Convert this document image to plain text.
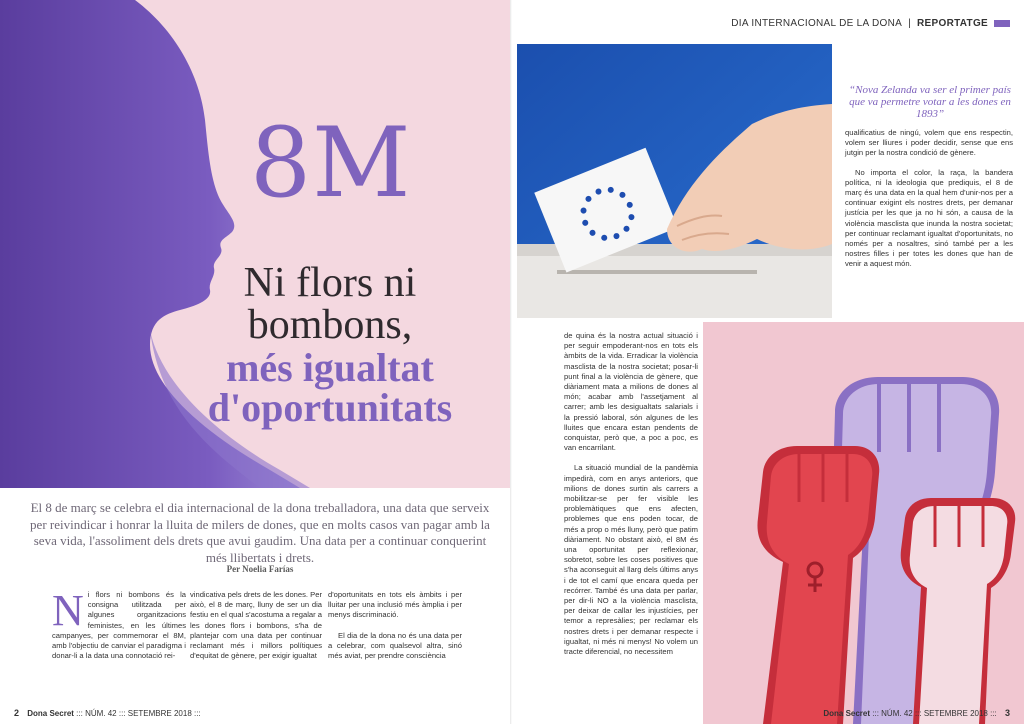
8M
Ni flors ni
bombons,
més igualtat
d'oportunitats
El 8 de març se celebra el dia internacional de la dona treballadora, una data que serveix per reivindicar i honrar la lluita de milers de dones, que en molts casos van pagar amb la seva vida, l'assoliment dels drets que avui gaudim. Una data per a continuar conquerint més llibertats i drets.
Per Noelia Farías
N i flors ni bombons és la consigna utilitzada per algunes organitzacions feministes, en les últimes campanyes, per commemorar el 8M, amb l'objectiu de canviar el paradigma i donar-li a la data una connotació rei-
vindicativa pels drets de les dones. Per això, el 8 de març, lluny de ser un dia festiu en el qual s'acostuma a regalar a les dones flors i bombons, s'ha de plantejar com una data per continuar reclamant més i millors polítiques d'equitat de gènere, per exigir igualtat
d'oportunitats en tots els àmbits i per lluitar per una inclusió més àmplia i per menys discriminació.
El dia de la dona no és una data per a celebrar, com qualsevol altra, sinó més aviat, per prendre consciència
2 Dona Secret ::: NÚM. 42 ::: SETEMBRE 2018 :::
DIA INTERNACIONAL DE LA DONA | REPORTATGE
“Nova Zelanda va ser el primer país que va permetre votar a les dones en 1893”
qualificatius de ningú, volem que ens respectin, volem ser lliures i poder decidir, sense que ens jutgin per la nostra condició de gènere.
No importa el color, la raça, la bandera política, ni la ideologia que prediquis, el 8 de març és una data en la qual hem d'unir-nos per a continuar exigint els nostres drets, per demanar justícia per les que ja no hi són, a causa de la violència masclista que inunda la nostra societat; per continuar reclamant igualtat d'oportunitats, no només per a nosaltres, sinó també per a les nostres filles i per totes les dones que han de venir a aquest món.
de quina és la nostra actual situació i per seguir empoderant-nos en tots els àmbits de la vida. Erradicar la violència masclista de la nostra societat; posar-li punt final a la violència de gènere, que diàriament mata a milions de dones al món; acabar amb l'assetjament al carrer; amb les desigualtats salarials i la pressió laboral, són algunes de les lluites que encara estan pendents de conquistar, però que, a poc a poc, es van encarrilant.
La situació mundial de la pandèmia impedirà, com en anys anteriors, que milions de dones surtin als carrers a mobilitzar-se per fer visible les problemàtiques que ens afecten, problemes que ens poden tocar, de més a prop o més lluny, però que patim diàriament. No obstant això, el 8M és una oportunitat per reflexionar, sobretot, sobre les coses positives que s'ha aconseguit al llarg dels últims anys i de tot el camí que encara queda per recórrer. També és una data per parlar, per dir-li NO a la violència masclista, per deixar de callar les injustícies, per temor a represàlies; per reclamar els nostres drets i per demanar respecte i igualtat, ni més ni menys! No volem un tracte diferencial, no necessitem
Dona Secret ::: NÚM. 42 ::: SETEMBRE 2018 ::: 3
